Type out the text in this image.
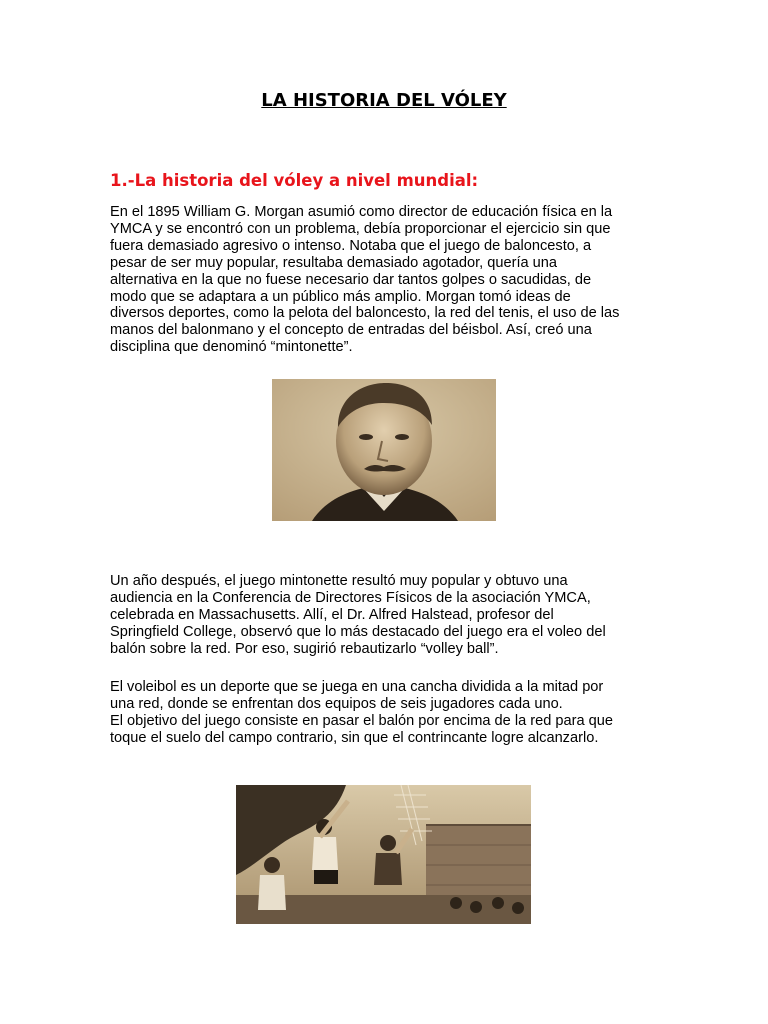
LA HISTORIA DEL VÓLEY
1.-La historia del vóley a nivel mundial:

En el 1895 William G. Morgan asumió como director de educación física en la
YMCA y se encontró con un problema, debía proporcionar el ejercicio sin que
fuera demasiado agresivo o intenso. Notaba que el juego de baloncesto, a
pesar de ser muy popular, resultaba demasiado agotador, quería una
alternativa en la que no fuese necesario dar tantos golpes o sacudidas, de
modo que se adaptara a un público más amplio. Morgan tomó ideas de
diversos deportes, como la pelota del baloncesto, la red del tenis, el uso de las
manos del balonmano y el concepto de entradas del béisbol. Así, creó una
disciplina que denominó “mintonette”.

Un año después, el juego mintonette resultó muy popular y obtuvo una
audiencia en la Conferencia de Directores Físicos de la asociación YMCA,
celebrada en Massachusetts. Allí, el Dr. Alfred Halstead, profesor del
Springfield College, observó que lo más destacado del juego era el voleo del
balón sobre la red. Por eso, sugirió rebautizarlo “volley ball”.

El voleibol es un deporte que se juega en una cancha dividida a la mitad por
una red, donde se enfrentan dos equipos de seis jugadores cada uno.
El objetivo del juego consiste en pasar el balón por encima de la red para que
toque el suelo del campo contrario, sin que el contrincante logre alcanzarlo.
